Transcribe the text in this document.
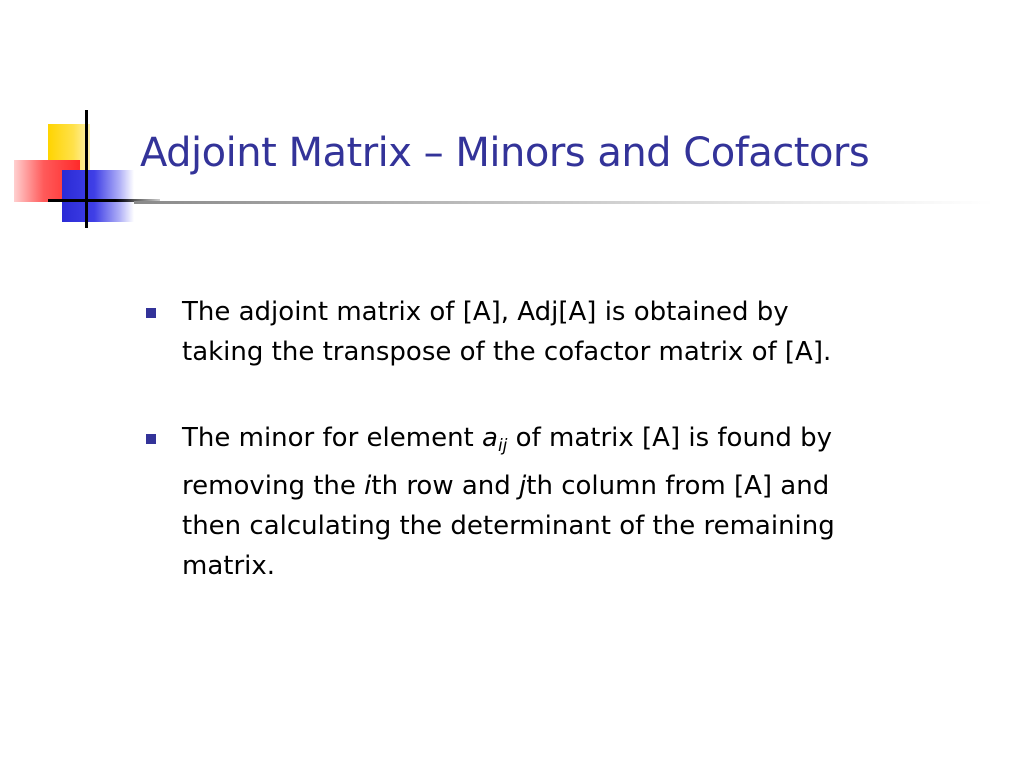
Adjoint Matrix – Minors and Cofactors
The adjoint matrix of [A], Adj[A] is obtained by
taking the transpose of the cofactor matrix of [A].
The minor for element $a_{ij}$ of matrix [A] is found by
removing the ith row and jth column from [A] and
then calculating the determinant of the remaining
matrix.
